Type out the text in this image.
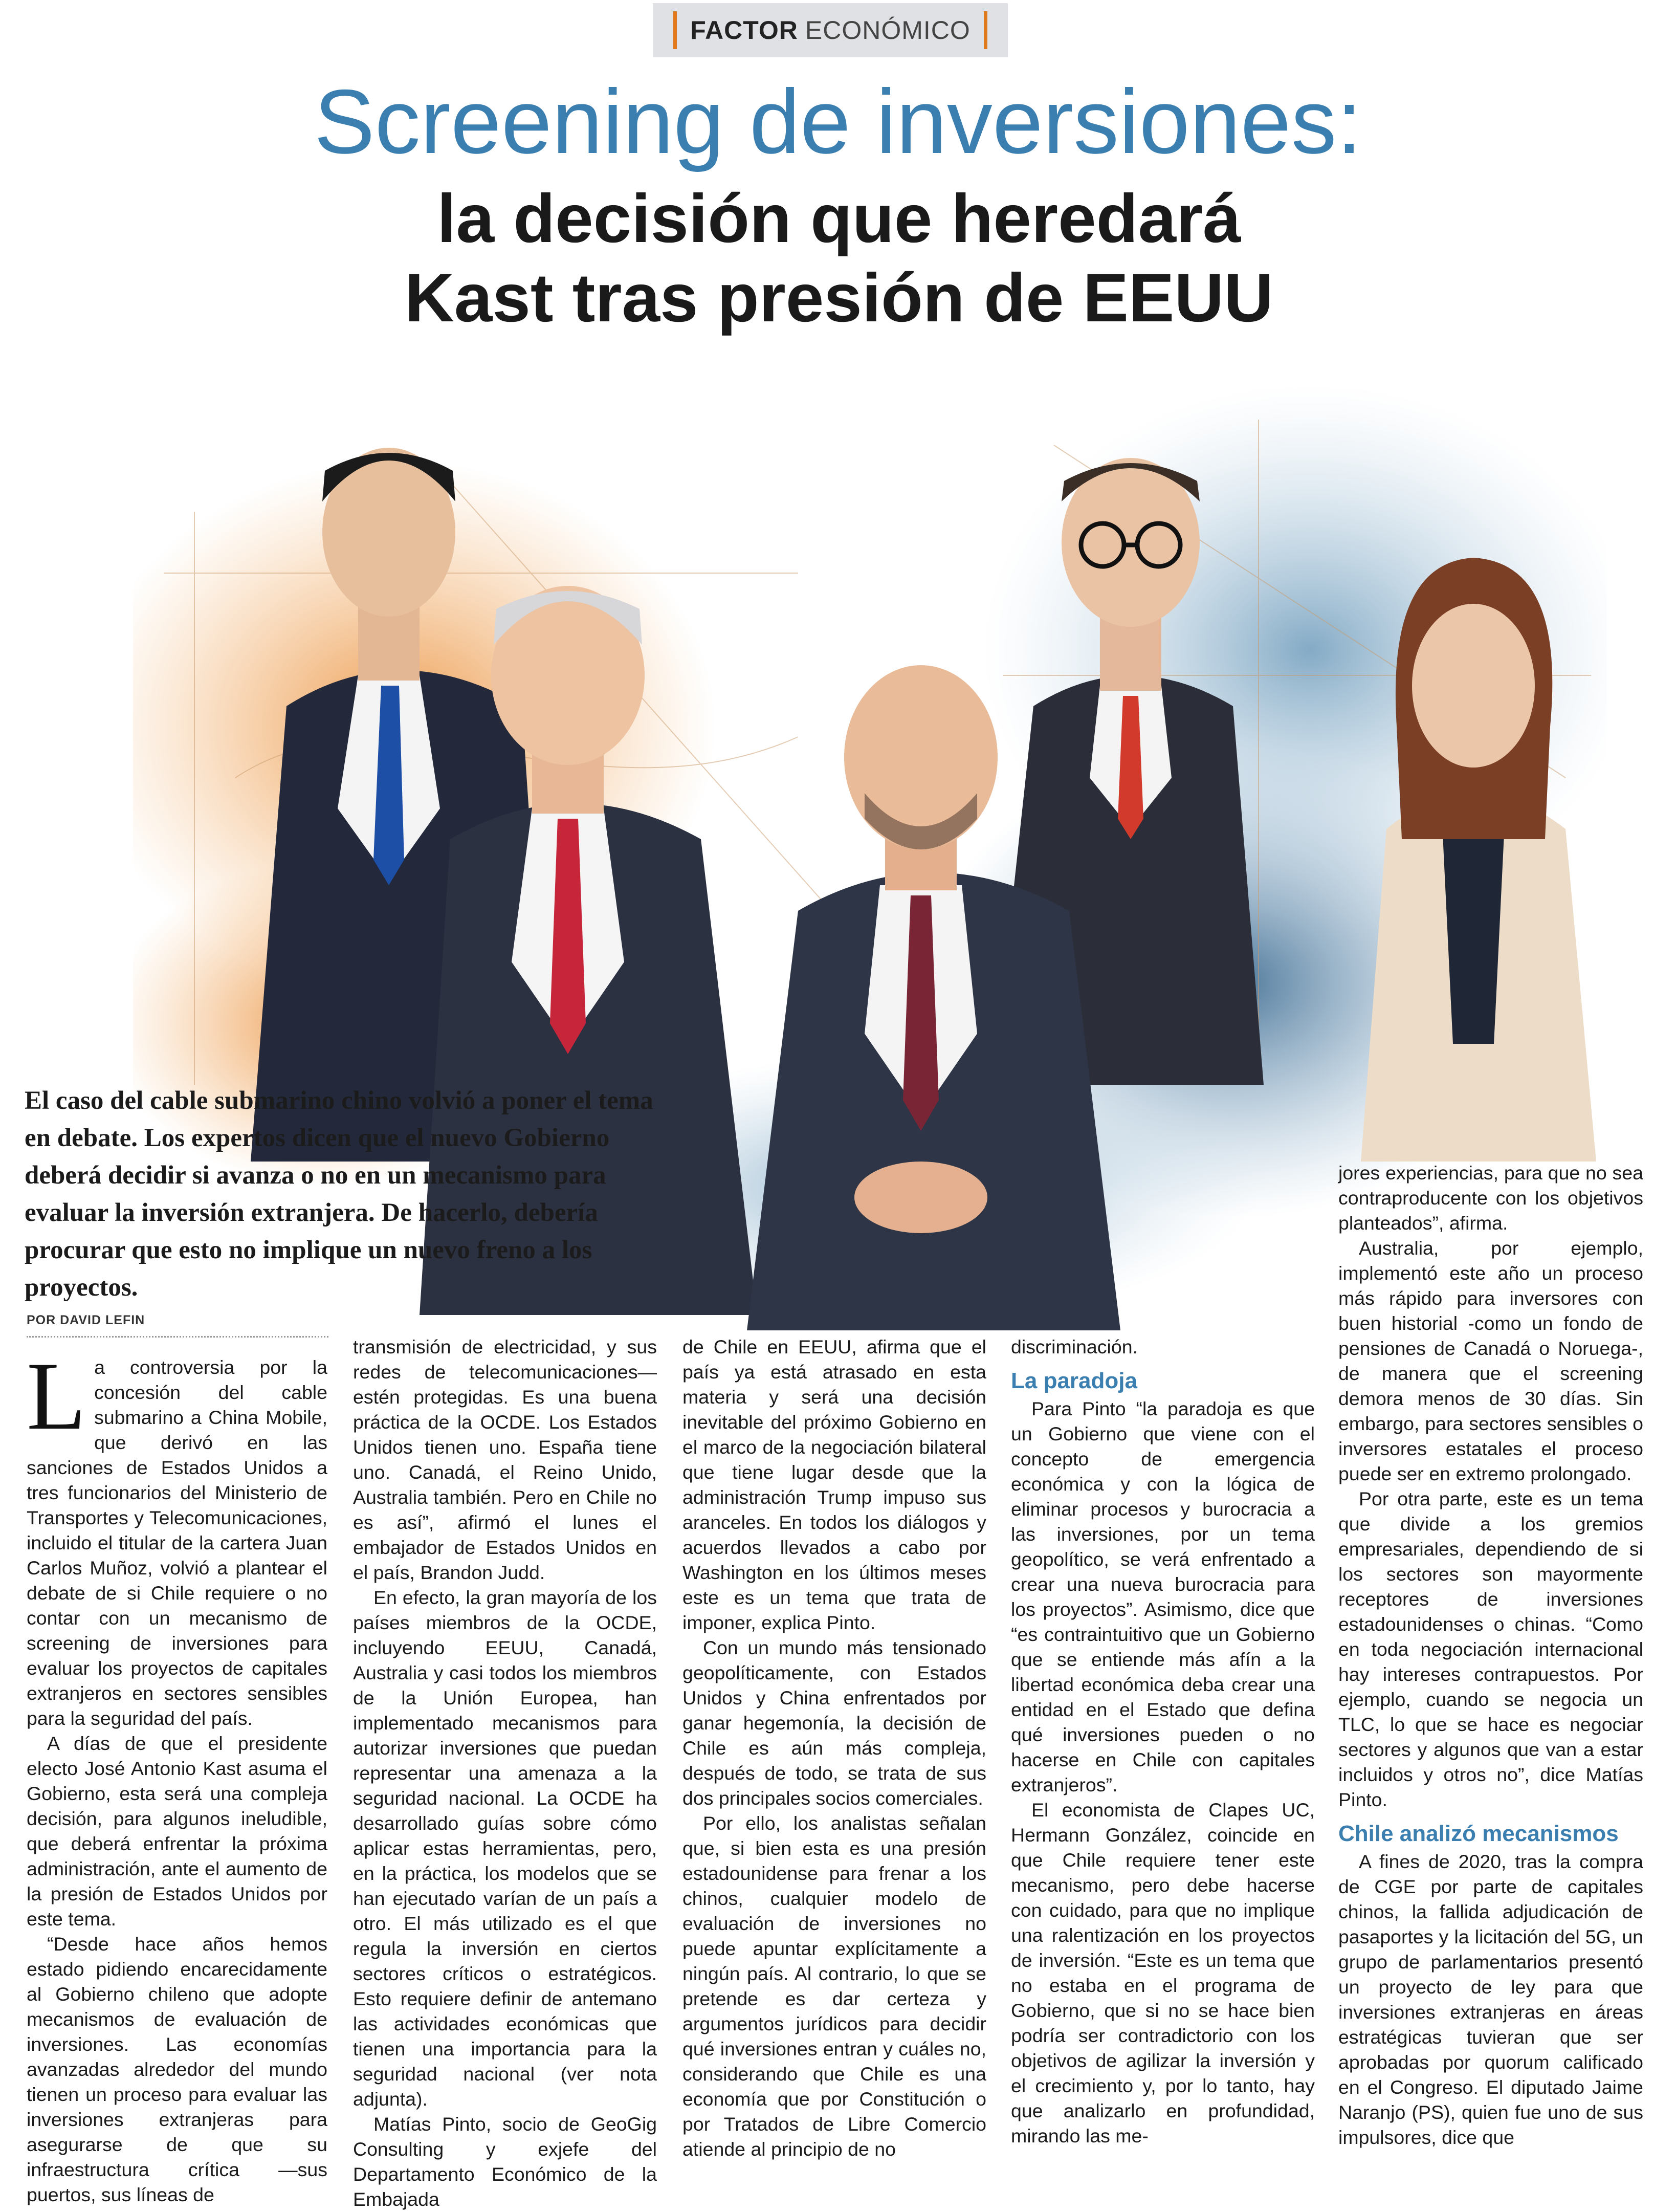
FACTOR ECONÓMICO
Screening de inversiones:
la decisión que heredará Kast tras presión de EEUU
El caso del cable submarino chino volvió a poner el tema en debate. Los expertos dicen que el nuevo Gobierno deberá decidir si avanza o no en un mecanismo para evaluar la inversión extranjera. De hacerlo, debería procurar que esto no implique un nuevo freno a los proyectos.
POR DAVID LEFIN
L a controversia por la concesión del cable submarino a China Mobile, que derivó en las sanciones de Estados Unidos a tres funcionarios del Ministerio de Transportes y Telecomunicaciones, incluido el titular de la cartera Juan Carlos Muñoz, volvió a plantear el debate de si Chile requiere o no contar con un mecanismo de screening de inversiones para evaluar los proyectos de capitales extranjeros en sectores sensibles para la seguridad del país.

A días de que el presidente electo José Antonio Kast asuma el Gobierno, esta será una compleja decisión, para algunos ineludible, que deberá enfrentar la próxima administración, ante el aumento de la presión de Estados Unidos por este tema.

“Desde hace años hemos estado pidiendo encarecidamente al Gobierno chileno que adopte mecanismos de evaluación de inversiones. Las economías avanzadas alrededor del mundo tienen un proceso para evaluar las inversiones extranjeras para asegurarse de que su infraestructura crítica —sus puertos, sus líneas de

transmisión de electricidad, y sus redes de telecomunicaciones— estén protegidas. Es una buena práctica de la OCDE. Los Estados Unidos tienen uno. España tiene uno. Canadá, el Reino Unido, Australia también. Pero en Chile no es así”, afirmó el lunes el embajador de Estados Unidos en el país, Brandon Judd.

En efecto, la gran mayoría de los países miembros de la OCDE, incluyendo EEUU, Canadá, Australia y casi todos los miembros de la Unión Europea, han implementado mecanismos para autorizar inversiones que puedan representar una amenaza a la seguridad nacional. La OCDE ha desarrollado guías sobre cómo aplicar estas herramientas, pero, en la práctica, los modelos que se han ejecutado varían de un país a otro. El más utilizado es el que regula la inversión en ciertos sectores críticos o estratégicos. Esto requiere definir de antemano las actividades económicas que tienen una importancia para la seguridad nacional (ver nota adjunta).

Matías Pinto, socio de GeoGig Consulting y exjefe del Departamento Económico de la Embajada

de Chile en EEUU, afirma que el país ya está atrasado en esta materia y será una decisión inevitable del próximo Gobierno en el marco de la negociación bilateral que tiene lugar desde que la administración Trump impuso sus aranceles. En todos los diálogos y acuerdos llevados a cabo por Washington en los últimos meses este es un tema que trata de imponer, explica Pinto.

Con un mundo más tensionado geopolíticamente, con Estados Unidos y China enfrentados por ganar hegemonía, la decisión de Chile es aún más compleja, después de todo, se trata de sus dos principales socios comerciales.

Por ello, los analistas señalan que, si bien esta es una presión estadounidense para frenar a los chinos, cualquier modelo de evaluación de inversiones no puede apuntar explícitamente a ningún país. Al contrario, lo que se pretende es dar certeza y argumentos jurídicos para decidir qué inversiones entran y cuáles no, considerando que Chile es una economía que por Constitución o por Tratados de Libre Comercio atiende al principio de no

discriminación.

La paradoja

Para Pinto “la paradoja es que un Gobierno que viene con el concepto de emergencia económica y con la lógica de eliminar procesos y burocracia a las inversiones, por un tema geopolítico, se verá enfrentado a crear una nueva burocracia para los proyectos”. Asimismo, dice que “es contraintuitivo que un Gobierno que se entiende más afín a la libertad económica deba crear una entidad en el Estado que defina qué inversiones pueden o no hacerse en Chile con capitales extranjeros”.

El economista de Clapes UC, Hermann González, coincide en que Chile requiere tener este mecanismo, pero debe hacerse con cuidado, para que no implique una ralentización en los proyectos de inversión. “Este es un tema que no estaba en el programa de Gobierno, que si no se hace bien podría ser contradictorio con los objetivos de agilizar la inversión y el crecimiento y, por lo tanto, hay que analizarlo en profundidad, mirando las me-

jores experiencias, para que no sea contraproducente con los objetivos planteados”, afirma.

Australia, por ejemplo, implementó este año un proceso más rápido para inversores con buen historial -como un fondo de pensiones de Canadá o Noruega-, de manera que el screening demora menos de 30 días. Sin embargo, para sectores sensibles o inversores estatales el proceso puede ser en extremo prolongado.

Por otra parte, este es un tema que divide a los gremios empresariales, dependiendo de si los sectores son mayormente receptores de inversiones estadounidenses o chinas. “Como en toda negociación internacional hay intereses contrapuestos. Por ejemplo, cuando se negocia un TLC, lo que se hace es negociar sectores y algunos que van a estar incluidos y otros no”, dice Matías Pinto.

Chile analizó mecanismos

A fines de 2020, tras la compra de CGE por parte de capitales chinos, la fallida adjudicación de pasaportes y la licitación del 5G, un grupo de parlamentarios presentó un proyecto de ley para que inversiones extranjeras en áreas estratégicas tuvieran que ser aprobadas por quorum calificado en el Congreso. El diputado Jaime Naranjo (PS), quien fue uno de sus impulsores, dice que
